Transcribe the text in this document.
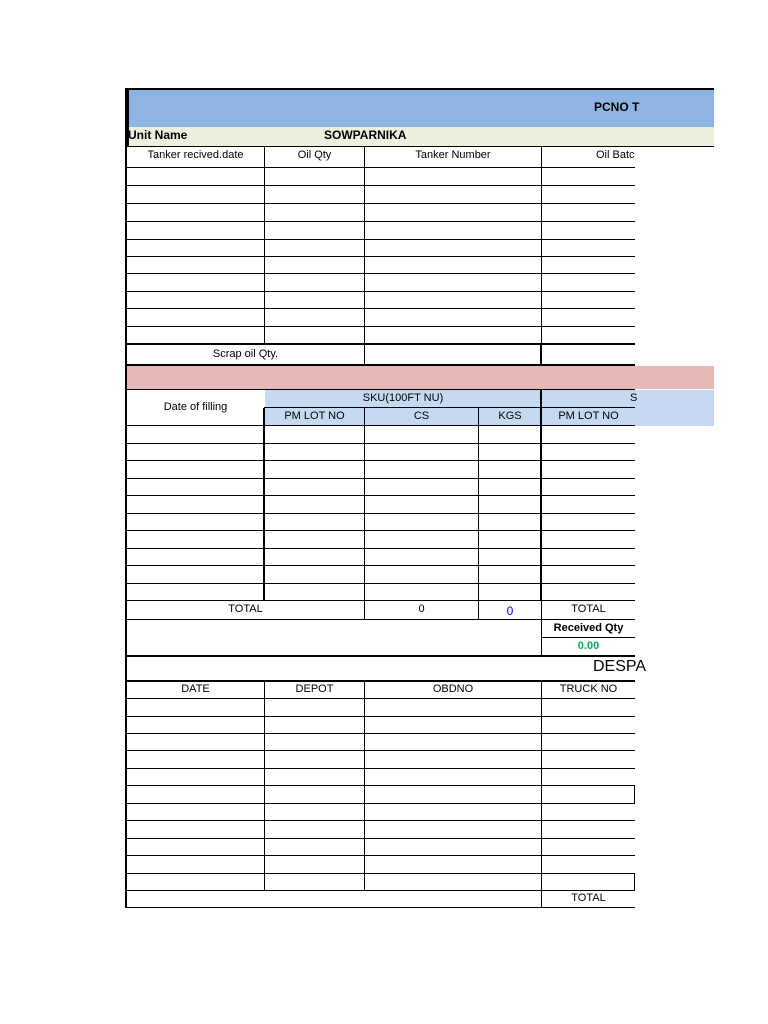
PCNO T
Unit Name	SOWPARNIKA
Tanker recived.date	Oil Qty	Tanker Number	Oil Batc
Scrap oil Qty.
Date of filling
SKU(100FT NU)	S
PM LOT NO	CS	KGS	PM LOT NO
TOTAL	0	0	TOTAL
Received Qty
0.00
DESPA
DATE	DEPOT	OBDNO	TRUCK NO
TOTAL
